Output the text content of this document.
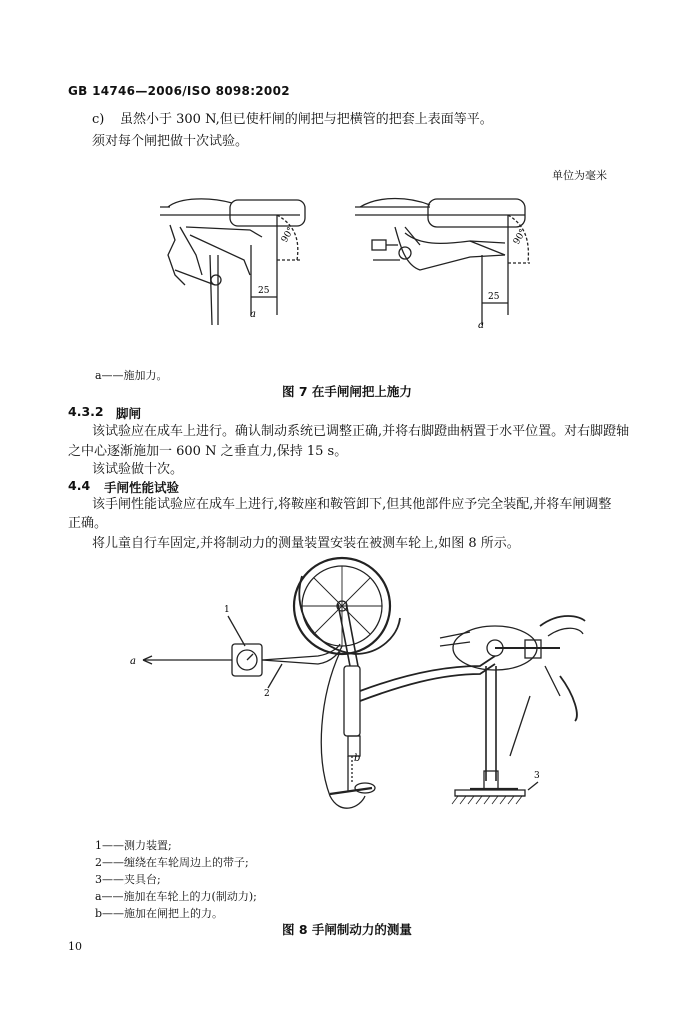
GB 14746—2006/ISO 8098:2002
c) 虽然小于 300 N,但已使杆闸的闸把与把横管的把套上表面等平。
须对每个闸把做十次试验。
单位为毫米
25
90°
a
25
90°
a
a——施加力。
图 7 在手闸闸把上施力
4.3.2 脚闸
该试验应在成车上进行。确认制动系统已调整正确,并将右脚蹬曲柄置于水平位置。对右脚蹬轴
之中心逐渐施加一 600 N 之垂直力,保持 15 s。
该试验做十次。
4.4 手闸性能试验
该手闸性能试验应在成车上进行,将鞍座和鞍管卸下,但其他部件应予完全装配,并将车闸调整
正确。
将儿童自行车固定,并将制动力的测量装置安装在被测车轮上,如图 8 所示。
1
2
3
a
b
1——测力装置;
2——缠绕在车轮周边上的带子;
3——夹具台;
a——施加在车轮上的力(制动力);
b——施加在闸把上的力。
图 8 手闸制动力的测量
10
